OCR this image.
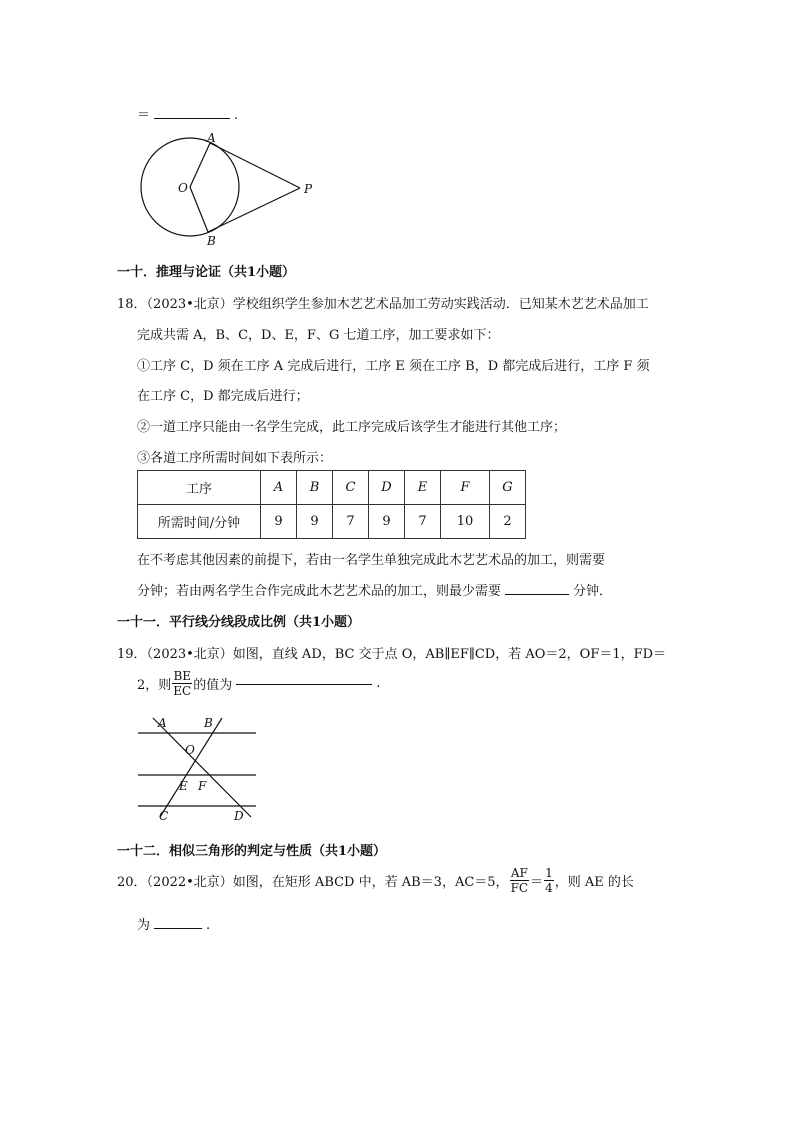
＝	.
A
O	P
B
一十．推理与论证（共1小题）
18．（2023•北京）学校组织学生参加木艺艺术品加工劳动实践活动．已知某木艺艺术品加工
完成共需 A，B、C，D、E，F、G 七道工序，加工要求如下：
①工序 C，D 须在工序 A 完成后进行，工序 E 须在工序 B，D 都完成后进行，工序 F 须
在工序 C，D 都完成后进行；
②一道工序只能由一名学生完成，此工序完成后该学生才能进行其他工序；
③各道工序所需时间如下表所示：
工序	A	B	C	D	E	F	G
所需时间/分钟	9	9	7	9	7	10	2
在不考虑其他因素的前提下，若由一名学生单独完成此木艺艺术品的加工，则需要
分钟；若由两名学生合作完成此木艺艺术品的加工，则最少需要	分钟．
一十一．平行线分线段成比例（共1小题）
19．（2023•北京）如图，直线 AD，BC 交于点 O，AB∥EF∥CD，若 AO＝2，OF＝1，FD＝
2，则 $\frac{BE}{EC}$ 的值为	.
A	B
O
E F
C	D
一十二．相似三角形的判定与性质（共1小题）
20．（2022•北京）如图，在矩形 ABCD 中，若 AB＝3，AC＝5， $\frac{AF}{FC} = \frac{1}{4}$ ，则 AE 的长
为	.
